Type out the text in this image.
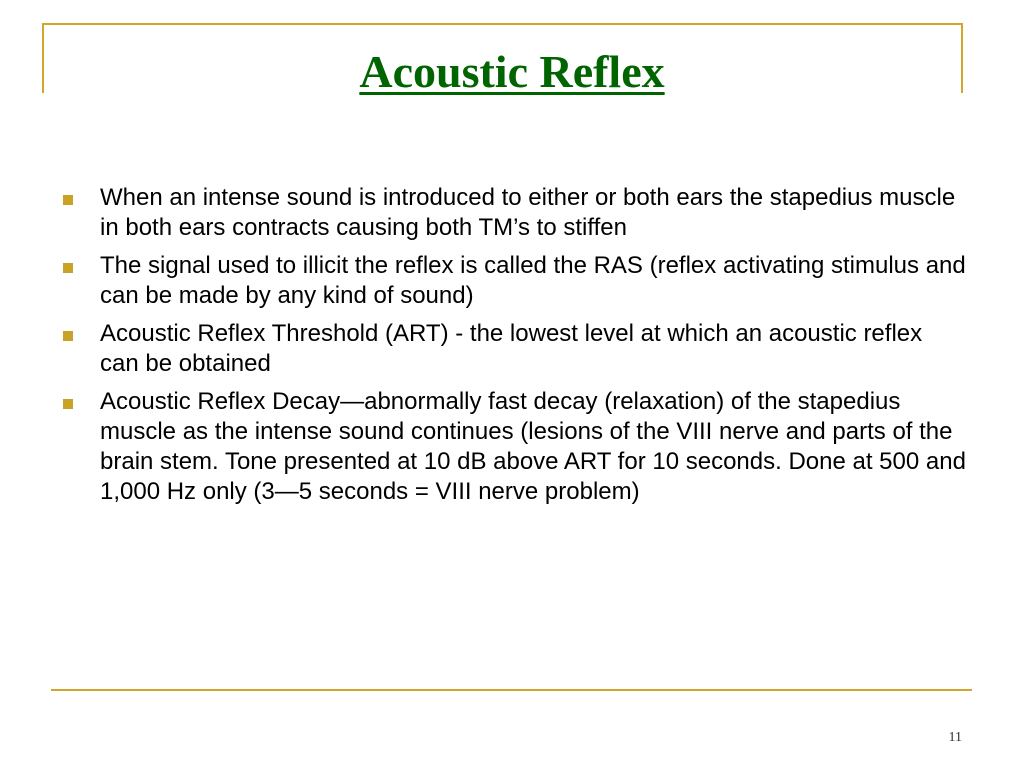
Acoustic Reflex
When an intense sound is introduced to either or both ears the stapedius muscle in both ears contracts causing both TM’s to stiffen
The signal used to illicit the reflex is called the RAS (reflex activating stimulus and can be made by any kind of sound)
Acoustic Reflex Threshold (ART) - the lowest level at which an acoustic reflex can be obtained
Acoustic Reflex Decay—abnormally fast decay (relaxation) of the stapedius muscle as the intense sound continues (lesions of the VIII nerve and parts of the brain stem. Tone presented at 10 dB above ART for 10 seconds. Done at 500 and 1,000 Hz only (3—5 seconds = VIII nerve problem)
11
